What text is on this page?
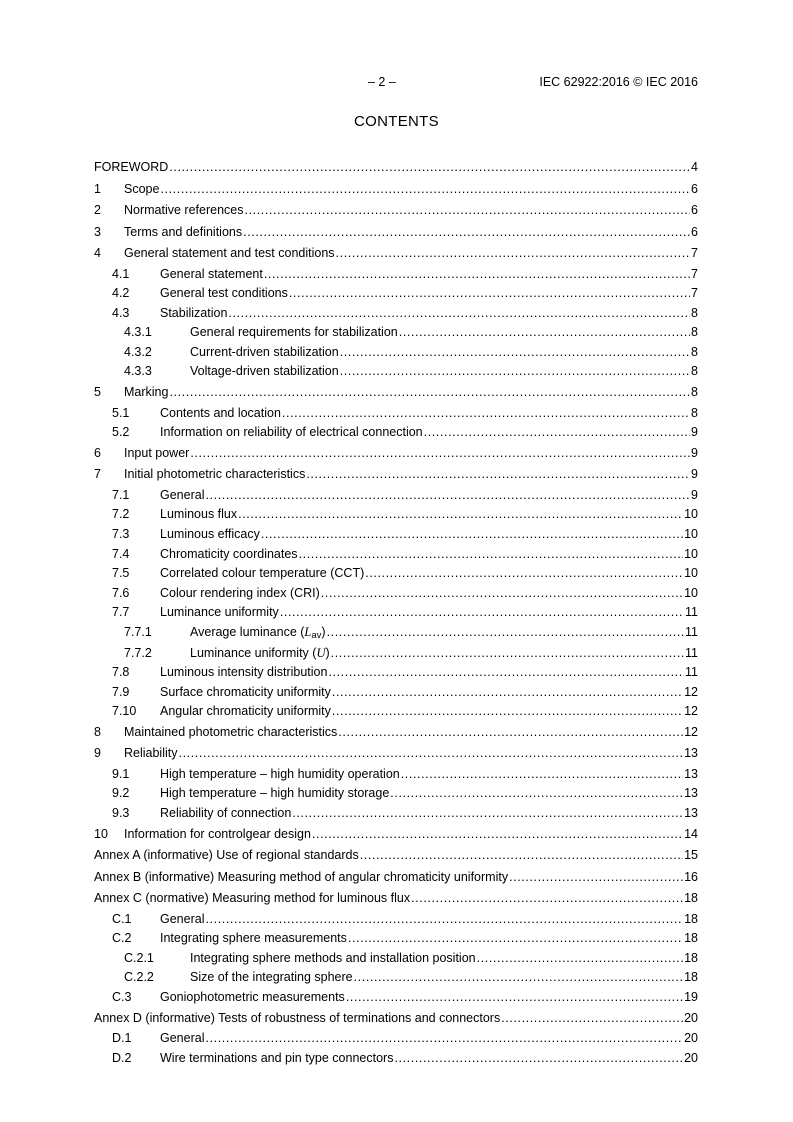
– 2 –	IEC 62922:2016 © IEC 2016
CONTENTS
FOREWORD .....	4
1	Scope .....	6
2	Normative references .....	6
3	Terms and definitions .....	6
4	General statement and test conditions .....	7
4.1	General statement .....	7
4.2	General test conditions .....	7
4.3	Stabilization .....	8
4.3.1	General requirements for stabilization .....	8
4.3.2	Current-driven stabilization .....	8
4.3.3	Voltage-driven stabilization .....	8
5	Marking .....	8
5.1	Contents and location .....	8
5.2	Information on reliability of electrical connection .....	9
6	Input power .....	9
7	Initial photometric characteristics .....	9
7.1	General .....	9
7.2	Luminous flux .....	10
7.3	Luminous efficacy .....	10
7.4	Chromaticity coordinates .....	10
7.5	Correlated colour temperature (CCT) .....	10
7.6	Colour rendering index (CRI) .....	10
7.7	Luminance uniformity .....	11
7.7.1	Average luminance (Lav) .....	11
7.7.2	Luminance uniformity (U) .....	11
7.8	Luminous intensity distribution .....	11
7.9	Surface chromaticity uniformity .....	12
7.10	Angular chromaticity uniformity .....	12
8	Maintained photometric characteristics .....	12
9	Reliability .....	13
9.1	High temperature – high humidity operation .....	13
9.2	High temperature – high humidity storage .....	13
9.3	Reliability of connection .....	13
10	Information for controlgear design .....	14
Annex A (informative) Use of regional standards .....	15
Annex B (informative) Measuring method of angular chromaticity uniformity .....	16
Annex C (normative) Measuring method for luminous flux .....	18
C.1	General .....	18
C.2	Integrating sphere measurements .....	18
C.2.1	Integrating sphere methods and installation position .....	18
C.2.2	Size of the integrating sphere .....	18
C.3	Goniophotometric measurements .....	19
Annex D (informative) Tests of robustness of terminations and connectors .....	20
D.1	General .....	20
D.2	Wire terminations and pin type connectors .....	20
